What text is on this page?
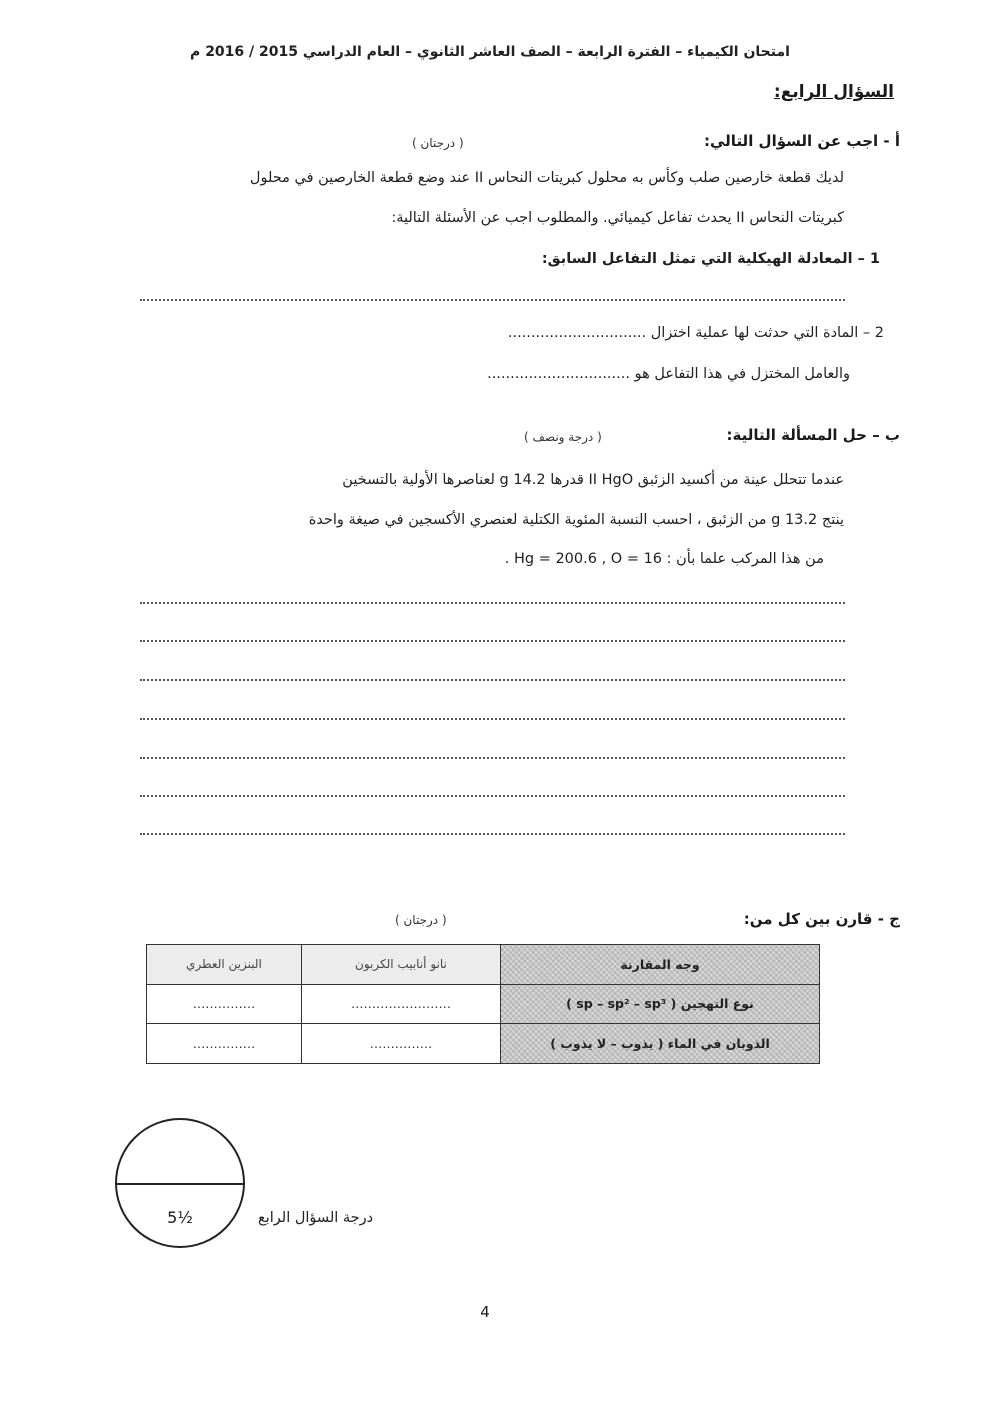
امتحان الكيمياء – الفترة الرابعة – الصف العاشر الثانوي – العام الدراسي 2015 / 2016 م
السؤال الرابع:
أ - اجب عن السؤال التالي:
( درجتان )
لديك قطعة خارصين صلب وكأس به محلول كبريتات النحاس II عند وضع قطعة الخارصين في محلول
كبريتات النحاس II يحدث تفاعل كيميائي. والمطلوب اجب عن الأسئلة التالية:
1 – المعادلة الهيكلية التي تمثل التفاعل السابق:
2 – المادة التي حدثت لها عملية اختزال ..............................
والعامل المختزل في هذا التفاعل هو ...............................
ب – حل المسألة التالية:
( درجة ونصف )
عندما تتحلل عينة من أكسيد الزئبق II HgO قدرها 14.2 g لعناصرها الأولية بالتسخين
ينتج 13.2 g من الزئبق ، احسب النسبة المئوية الكتلية لعنصري الأكسجين في صيغة واحدة
من هذا المركب علما بأن : Hg = 200.6 , O = 16 .
ج - قارن بين كل من:
( درجتان )
وجه المقارنة	نانو أنابيب الكربون	البنزين العطري
نوع التهجين ( sp – sp² – sp³ )	……………………	……………
الذوبان في الماء ( يذوب – لا يذوب )	……………	……………
5½	درجة السؤال الرابع
4
